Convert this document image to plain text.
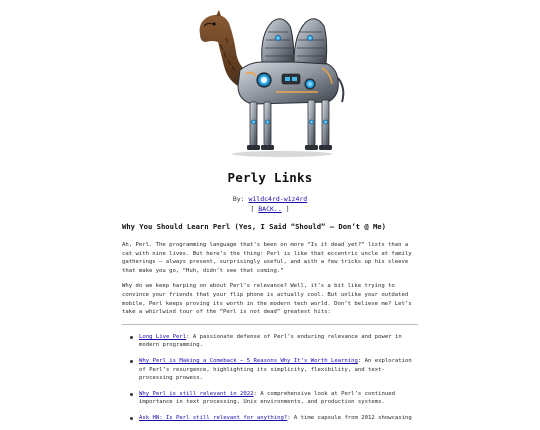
Perly Links
By: w1ldc4rd-w1z4rd
[ BACK.. ]
Why You Should Learn Perl (Yes, I Said “Should” – Don’t @ Me)

Ah, Perl. The programming language that’s been on more “Is it dead yet?” lists than a cat with nine lives. But here’s the thing: Perl is like that eccentric uncle at family gatherings – always present, surprisingly useful, and with a few tricks up his sleeve that make you go, “Huh, didn’t see that coming.”

Why do we keep harping on about Perl’s relevance? Well, it’s a bit like trying to convince your friends that your flip phone is actually cool. But unlike your outdated mobile, Perl keeps proving its worth in the modern tech world. Don’t believe me? Let’s take a whirlwind tour of the “Perl is not dead” greatest hits:

Long Live Perl: A passionate defense of Perl’s enduring relevance and power in modern programming.
Why Perl is Making a Comeback – 5 Reasons Why It’s Worth Learning: An exploration of Perl’s resurgence, highlighting its simplicity, flexibility, and text-processing prowess.
Why Perl is still relevant in 2022: A comprehensive look at Perl’s continued importance in text processing, Unix environments, and production systems.
Ask HN: Is Perl still relevant for anything?: A time capsule from 2012 showcasing
